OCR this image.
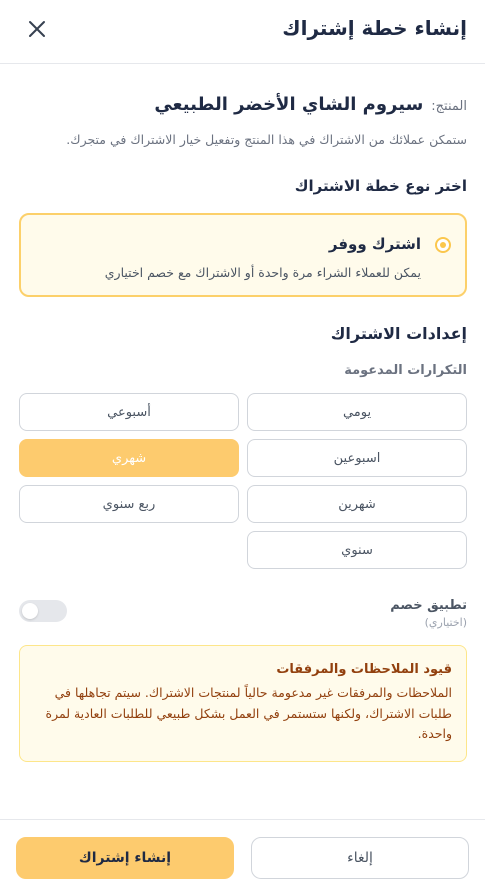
إنشاء خطة إشتراك
المنتج:
سيروم الشاي الأخضر الطبيعي
ستمكن عملائك من الاشتراك في هذا المنتج وتفعيل خيار الاشتراك في متجرك.
اختر نوع خطة الاشتراك
اشترك ووفر
يمكن للعملاء الشراء مرة واحدة أو الاشتراك مع خصم اختياري
إعدادات الاشتراك
التكرارات المدعومة
يومي
أسبوعي
اسبوعين
شهري
شهرين
ربع سنوي
سنوي
تطبيق خصم
(اختياري)
قيود الملاحظات والمرفقات
الملاحظات والمرفقات غير مدعومة حالياً لمنتجات الاشتراك. سيتم تجاهلها في طلبات الاشتراك، ولكنها ستستمر في العمل بشكل طبيعي للطلبات العادية لمرة واحدة.
إلغاء
إنشاء إشتراك
